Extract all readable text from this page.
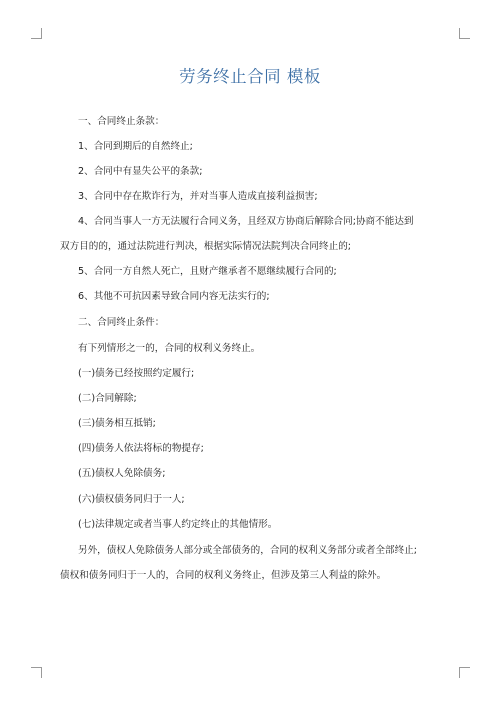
劳务终止合同 模板
一、合同终止条款：
1、合同到期后的自然终止;
2、合同中有显失公平的条款;
3、合同中存在欺诈行为，并对当事人造成直接利益损害;
4、合同当事人一方无法履行合同义务，且经双方协商后解除合同;协商不能达到
双方目的的，通过法院进行判决，根据实际情况法院判决合同终止的;
5、合同一方自然人死亡，且财产继承者不愿继续履行合同的;
6、其他不可抗因素导致合同内容无法实行的;
二、合同终止条件：
有下列情形之一的，合同的权利义务终止。
(一)债务已经按照约定履行;
(二)合同解除;
(三)债务相互抵销;
(四)债务人依法将标的物提存;
(五)债权人免除债务;
(六)债权债务同归于一人;
(七)法律规定或者当事人约定终止的其他情形。
另外，债权人免除债务人部分或全部债务的，合同的权利义务部分或者全部终止;
债权和债务同归于一人的，合同的权利义务终止，但涉及第三人利益的除外。
